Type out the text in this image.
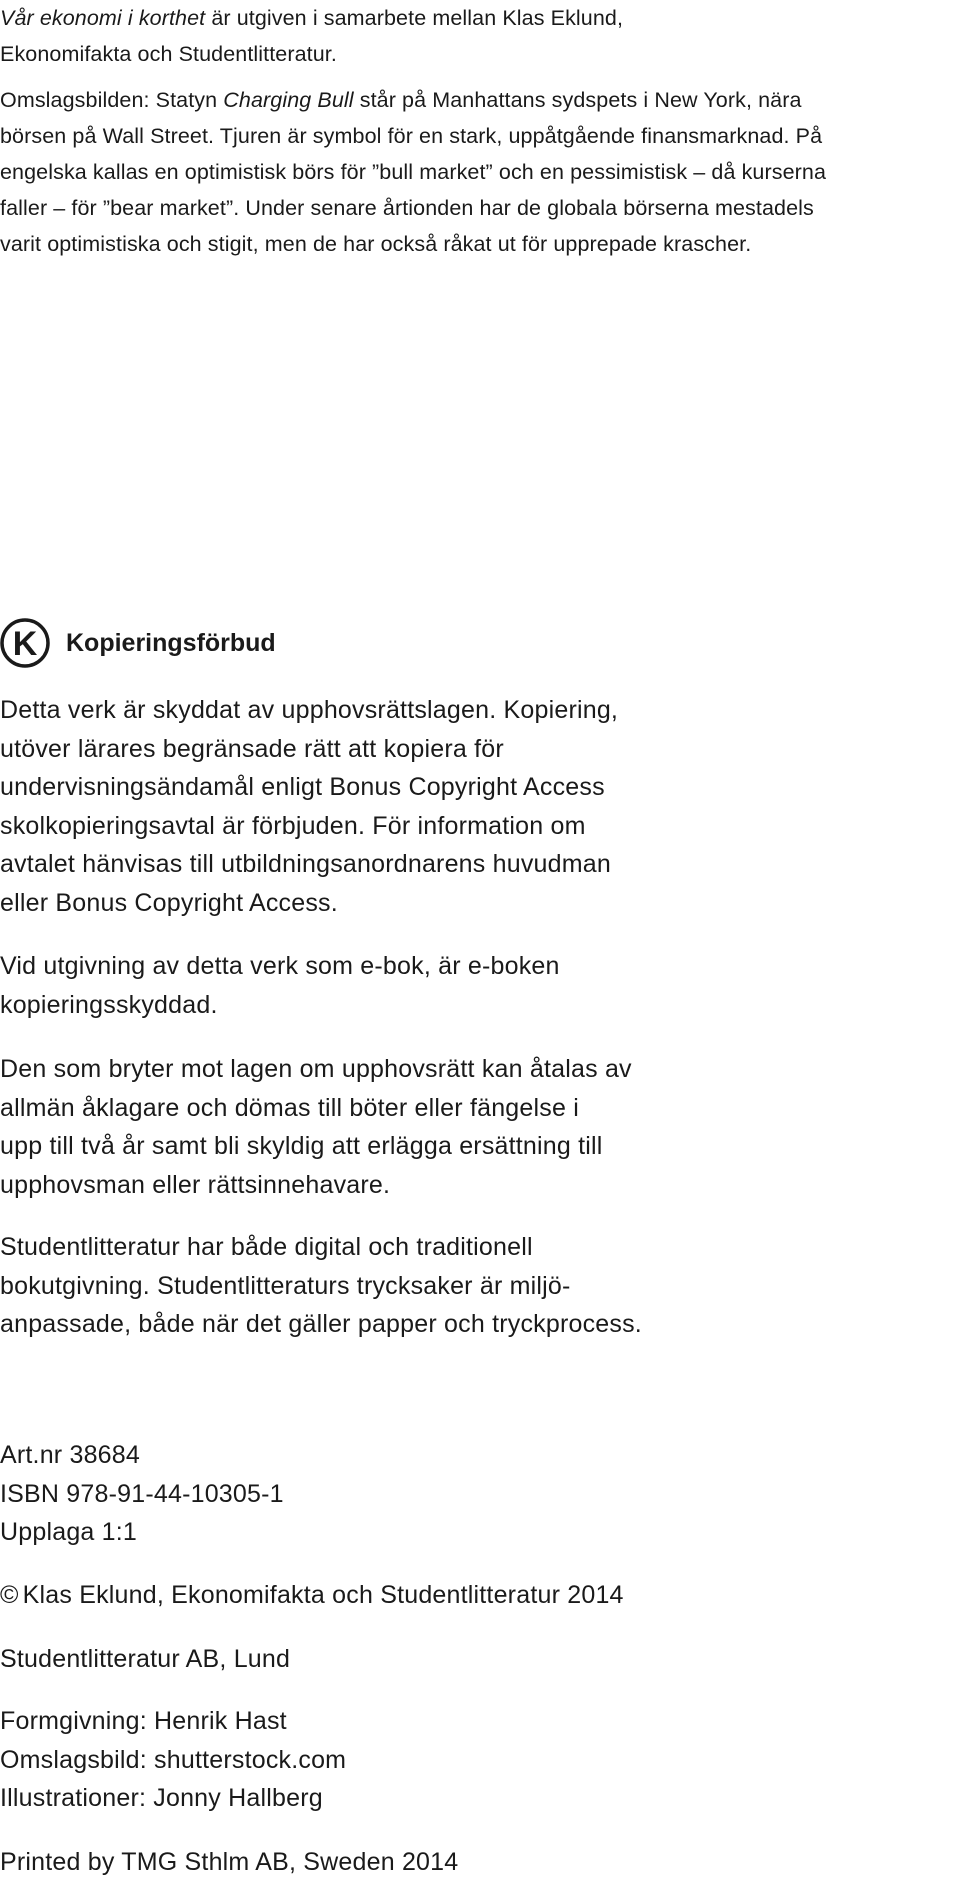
Vår ekonomi i korthet är utgiven i samarbete mellan Klas Eklund,

Ekonomifakta och Studentlitteratur.

Omslagsbilden: Statyn Charging Bull står på Manhattans sydspets i New York, nära

börsen på Wall Street. Tjuren är symbol för en stark, uppåtgående finansmarknad. På

engelska kallas en optimistisk börs för ”bull market” och en pessimistisk – då kurserna

faller – för ”bear market”. Under senare årtionden har de globala börserna mestadels

varit optimistiska och stigit, men de har också råkat ut för upprepade krascher.

K Kopieringsförbud

Detta verk är skyddat av upphovsrättslagen. Kopiering,

utöver lärares begränsade rätt att kopiera för

undervisningsändamål enligt Bonus Copyright Access

skolkopieringsavtal är förbjuden. För information om

avtalet hänvisas till utbildningsanordnarens huvudman

eller Bonus Copyright Access.

Vid utgivning av detta verk som e-bok, är e-boken

kopieringsskyddad.

Den som bryter mot lagen om upphovsrätt kan åtalas av

allmän åklagare och dömas till böter eller fängelse i

upp till två år samt bli skyldig att erlägga ersättning till

upphovsman eller rättsinnehavare.

Studentlitteratur har både digital och traditionell

bokutgivning. Studentlitteraturs trycksaker är miljö-

anpassade, både när det gäller papper och tryckprocess.

Art.nr 38684

ISBN 978-91-44-10305-1

Upplaga 1:1

© Klas Eklund, Ekonomifakta och Studentlitteratur 2014

Studentlitteratur AB, Lund

Formgivning: Henrik Hast

Omslagsbild: shutterstock.com

Illustrationer: Jonny Hallberg

Printed by TMG Sthlm AB, Sweden 2014
